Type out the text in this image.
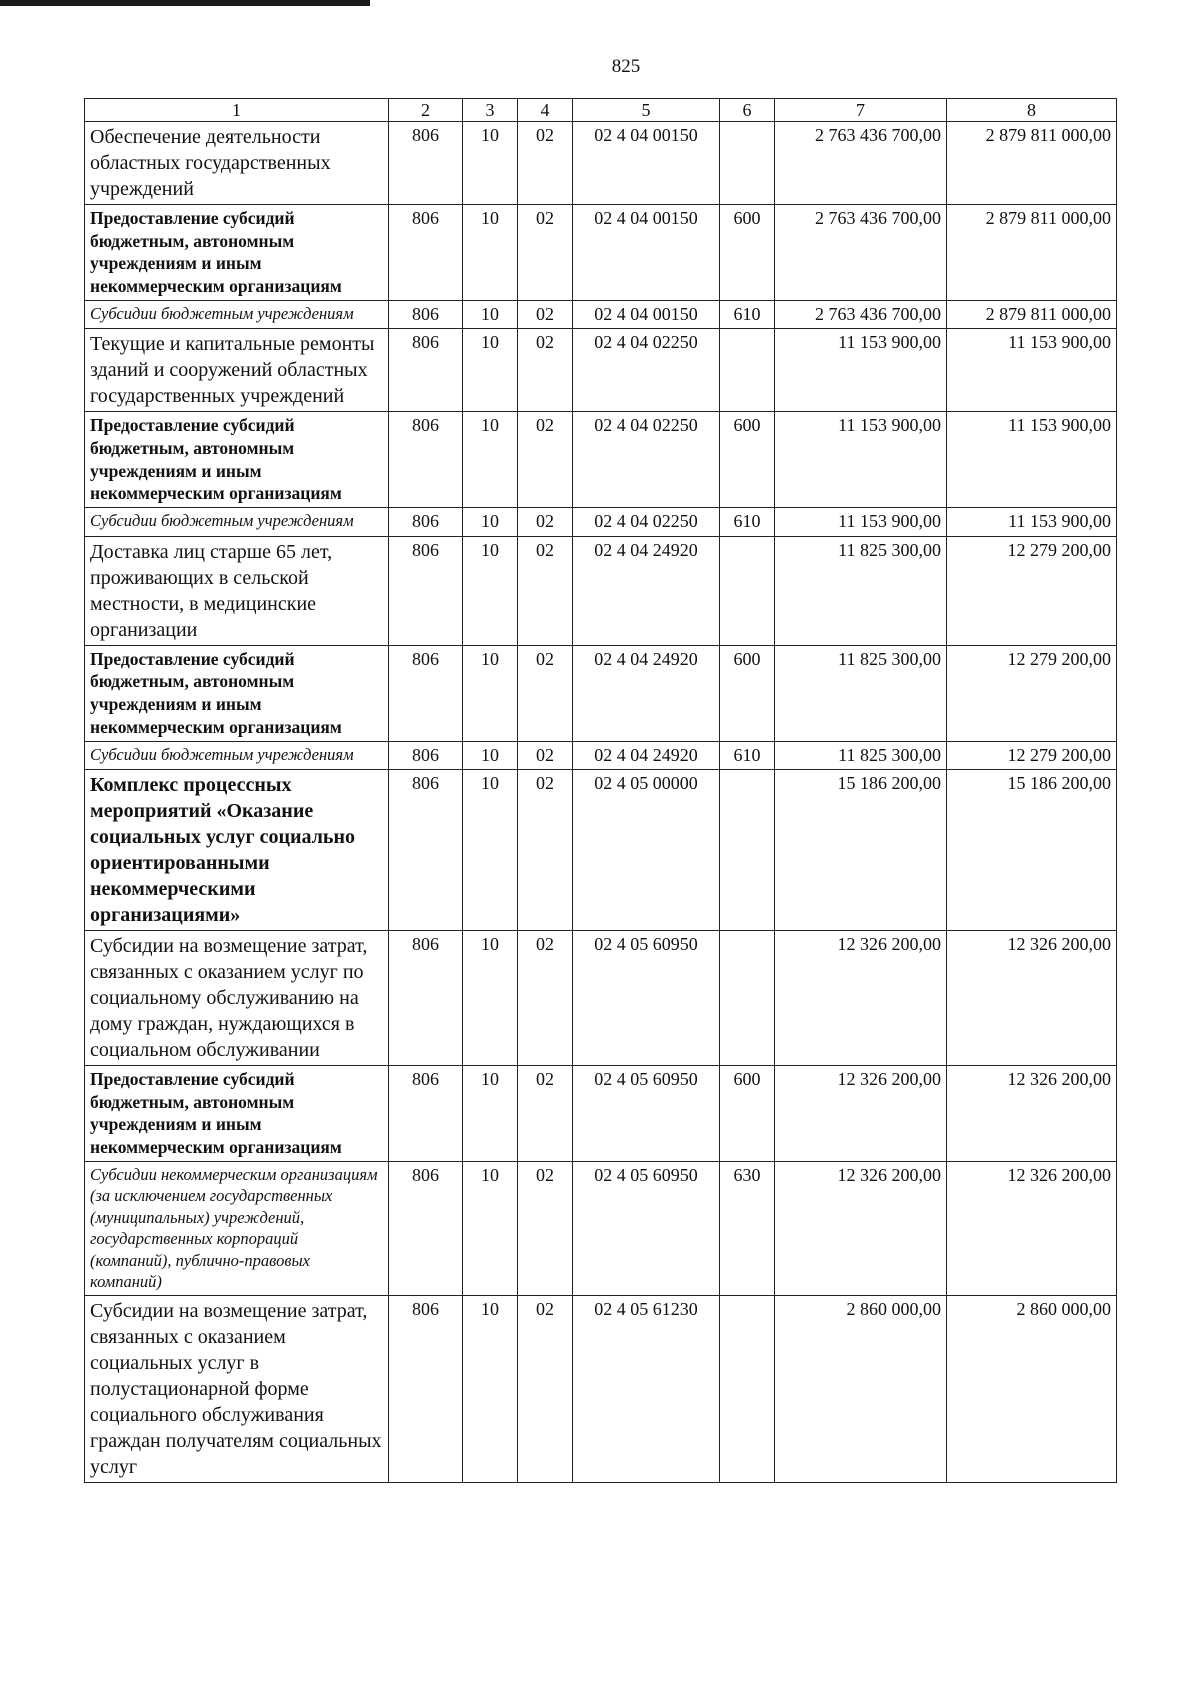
825
1	2	3	4	5	6	7	8
Обеспечение деятельности областных государственных учреждений	806	10	02	02 4 04 00150		2 763 436 700,00	2 879 811 000,00
Предоставление субсидий бюджетным, автономным учреждениям и иным некоммерческим организациям	806	10	02	02 4 04 00150	600	2 763 436 700,00	2 879 811 000,00
Субсидии бюджетным учреждениям	806	10	02	02 4 04 00150	610	2 763 436 700,00	2 879 811 000,00
Текущие и капитальные ремонты зданий и сооружений областных государственных учреждений	806	10	02	02 4 04 02250		11 153 900,00	11 153 900,00
Предоставление субсидий бюджетным, автономным учреждениям и иным некоммерческим организациям	806	10	02	02 4 04 02250	600	11 153 900,00	11 153 900,00
Субсидии бюджетным учреждениям	806	10	02	02 4 04 02250	610	11 153 900,00	11 153 900,00
Доставка лиц старше 65 лет, проживающих в сельской местности, в медицинские организации	806	10	02	02 4 04 24920		11 825 300,00	12 279 200,00
Предоставление субсидий бюджетным, автономным учреждениям и иным некоммерческим организациям	806	10	02	02 4 04 24920	600	11 825 300,00	12 279 200,00
Субсидии бюджетным учреждениям	806	10	02	02 4 04 24920	610	11 825 300,00	12 279 200,00
Комплекс процессных мероприятий «Оказание социальных услуг социально ориентированными некоммерческими организациями»	806	10	02	02 4 05 00000		15 186 200,00	15 186 200,00
Субсидии на возмещение затрат, связанных с оказанием услуг по социальному обслуживанию на дому граждан, нуждающихся в социальном обслуживании	806	10	02	02 4 05 60950		12 326 200,00	12 326 200,00
Предоставление субсидий бюджетным, автономным учреждениям и иным некоммерческим организациям	806	10	02	02 4 05 60950	600	12 326 200,00	12 326 200,00
Субсидии некоммерческим организациям (за исключением государственных (муниципальных) учреждений, государственных корпораций (компаний), публично-правовых компаний)	806	10	02	02 4 05 60950	630	12 326 200,00	12 326 200,00
Субсидии на возмещение затрат, связанных с оказанием социальных услуг в полустационарной форме социального обслуживания граждан получателям социальных услуг	806	10	02	02 4 05 61230		2 860 000,00	2 860 000,00
